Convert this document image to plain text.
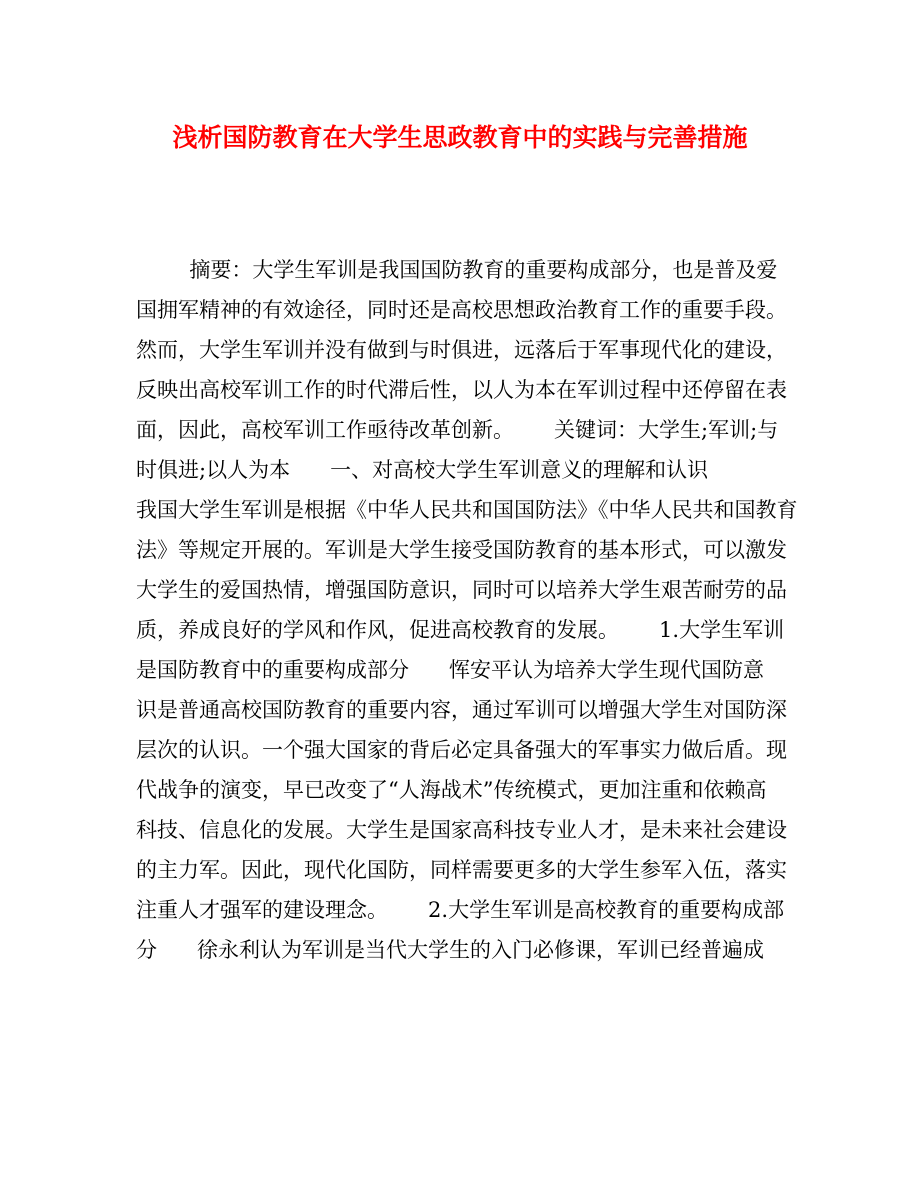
浅析国防教育在大学生思政教育中的实践与完善措施
摘要：大学生军训是我国国防教育的重要构成部分，也是普及爱
国拥军精神的有效途径，同时还是高校思想政治教育工作的重要手段。
然而，大学生军训并没有做到与时俱进，远落后于军事现代化的建设，
反映出高校军训工作的时代滞后性，以人为本在军训过程中还停留在表
面，因此，高校军训工作亟待改革创新。      关键词：大学生;军训;与
时俱进;以人为本      一、对高校大学生军训意义的理解和认识
我国大学生军训是根据《中华人民共和国国防法》《中华人民共和国教育
法》等规定开展的。军训是大学生接受国防教育的基本形式，可以激发
大学生的爱国热情，增强国防意识，同时可以培养大学生艰苦耐劳的品
质，养成良好的学风和作风，促进高校教育的发展。      1.大学生军训
是国防教育中的重要构成部分      恽安平认为培养大学生现代国防意
识是普通高校国防教育的重要内容，通过军训可以增强大学生对国防深
层次的认识。一个强大国家的背后必定具备强大的军事实力做后盾。现
代战争的演变，早已改变了“人海战术”传统模式，更加注重和依赖高
科技、信息化的发展。大学生是国家高科技专业人才，是未来社会建设
的主力军。因此，现代化国防，同样需要更多的大学生参军入伍，落实
注重人才强军的建设理念。      2.大学生军训是高校教育的重要构成部
分      徐永利认为军训是当代大学生的入门必修课，军训已经普遍成
